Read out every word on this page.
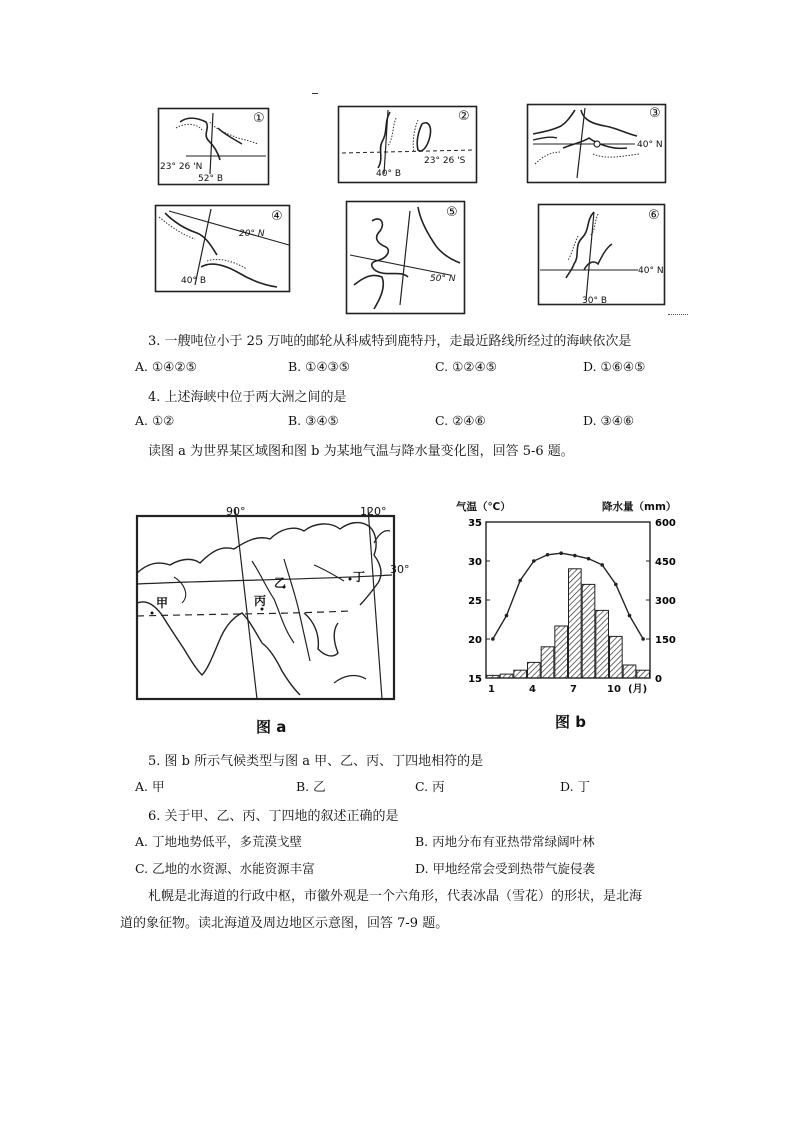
23° 26 'N
52° B
①
23° 26 'S
40° B
②
40° N
③
20° N
40° B
④
50° N
⑤
40° N
30° B
⑥
3. 一艘吨位小于 25 万吨的邮轮从科威特到鹿特丹，走最近路线所经过的海峡依次是
A. ①④②⑤	B. ①④③⑤	C. ①②④⑤	D. ①⑥④⑤
4. 上述海峡中位于两大洲之间的是
A. ①②	B. ③④⑤	C. ②④⑥	D. ③④⑥
读图 a 为世界某区域图和图 b 为某地气温与降水量变化图，回答 5-6 题。
90°	120°
30°
甲
乙
丙
丁
图 a
气温（℃）	降水量（mm）
15
20
25
30
35
0
150
300
450
600
1	4	7	10 (月)
图 b
5. 图 b 所示气候类型与图 a 甲、乙、丙、丁四地相符的是
A. 甲	B. 乙	C. 丙	D. 丁
6. 关于甲、乙、丙、丁四地的叙述正确的是
A. 丁地地势低平，多荒漠戈壁	B. 丙地分布有亚热带常绿阔叶林
C. 乙地的水资源、水能资源丰富	D. 甲地经常会受到热带气旋侵袭
札幌是北海道的行政中枢，市徽外观是一个六角形，代表冰晶（雪花）的形状，是北海
道的象征物。读北海道及周边地区示意图，回答 7-9 题。
